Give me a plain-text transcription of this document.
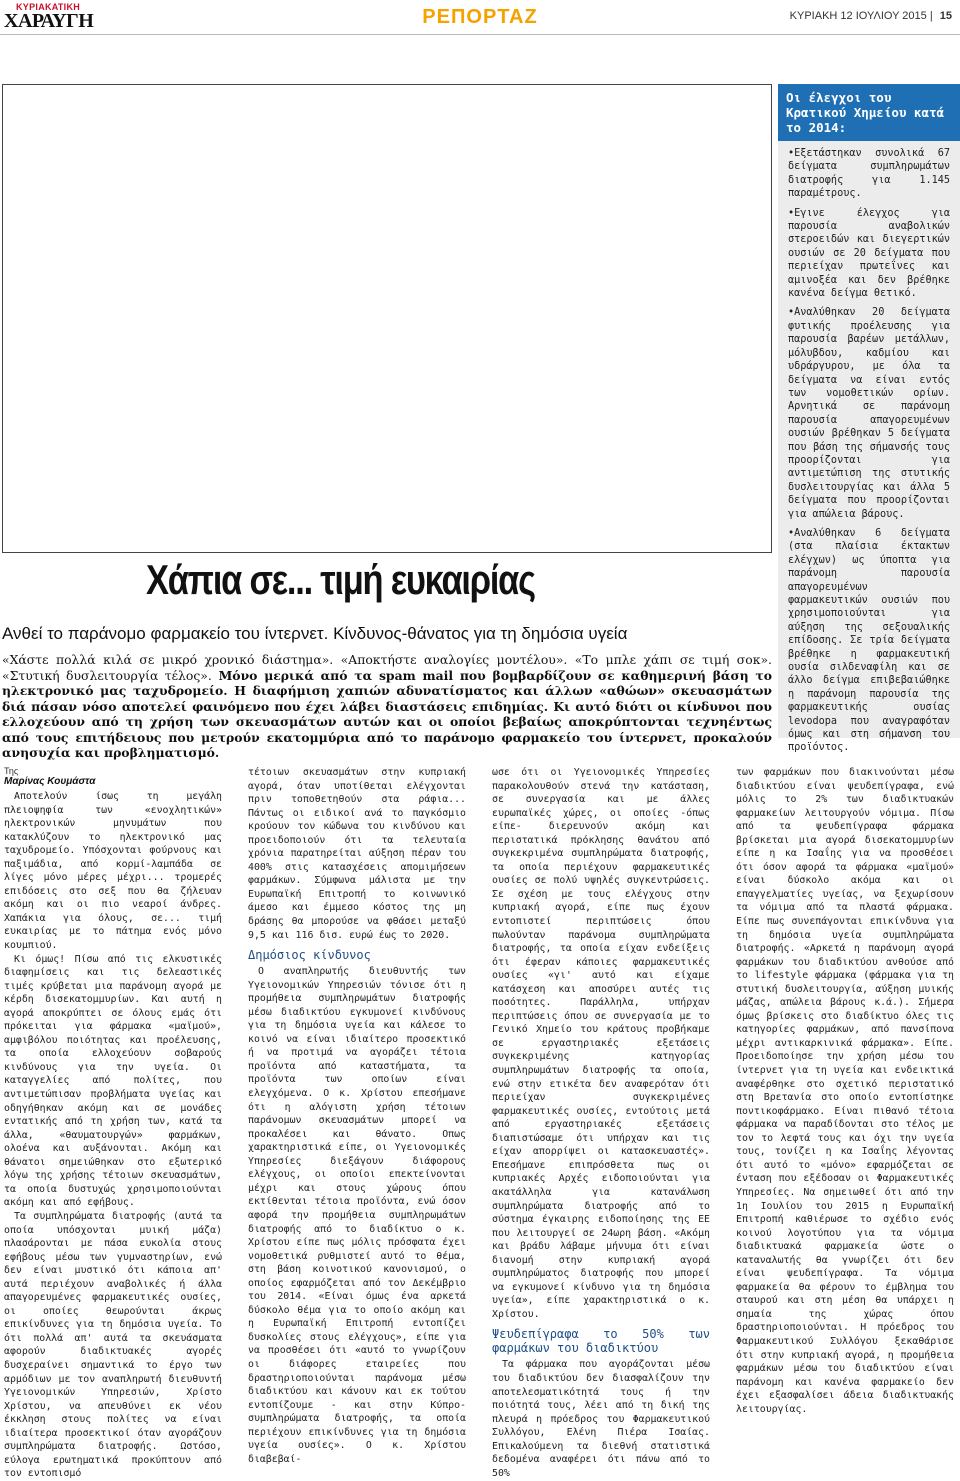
ΚΥΡΙΑΚΑΤΙΚΗ
ΧΑΡΑΥΓΗ	ΡΕΠΟΡΤΑΖ	ΚΥΡΙΑΚΗ 12 ΙΟΥΛΙΟΥ 2015 | 15
Χάπια σε... τιμή ευκαιρίας
Ανθεί το παράνομο φαρμακείο του ίντερνετ. Κίνδυνος-θάνατος για τη δημόσια υγεία
«Χάστε πολλά κιλά σε μικρό χρονικό διάστημα». «Αποκτήστε αναλογίες μοντέλου». «Το μπλε χάπι σε τιμή σοκ». «Στυτική δυσλειτουργία τέλος». Μόνο μερικά από τα spam mail που βομβαρδίζουν σε καθημερινή βάση το ηλεκτρονικό μας ταχυδρομείο. Η διαφήμιση χαπιών αδυνατίσματος και άλλων «αθώων» σκευασμάτων διά πάσαν νόσο αποτελεί φαινόμενο που έχει λάβει διαστάσεις επιδημίας. Κι αυτό διότι οι κίνδυνοι που ελλοχεύουν από τη χρήση των σκευασμάτων αυτών και οι οποίοι βεβαίως αποκρύπτονται τεχνηέντως από τους επιτήδειους που μετρούν εκατομμύρια από το παράνομο φαρμακείο του ίντερνετ, προκαλούν ανησυχία και προβληματισμό.
Οι έλεγχοι του Κρατικού Χημείου κατά το 2014:

•Εξετάστηκαν συνολικά 67 δείγματα συμπληρωμάτων διατροφής για 1.145 παραμέτρους.

•Εγινε έλεγχος για παρουσία αναβολικών στεροειδών και διεγερτικών ουσιών σε 20 δείγματα που περιείχαν πρωτεΐνες και αμινοξέα και δεν βρέθηκε κανένα δείγμα θετικό.

•Αναλύθηκαν 20 δείγματα φυτικής προέλευσης για παρουσία βαρέων μετάλλων, μόλυβδου, καδμίου και υδράργυρου, με όλα τα δείγματα να είναι εντός των νομοθετικών ορίων. Αρνητικά σε παράνομη παρουσία απαγορευμένων ουσιών βρέθηκαν 5 δείγματα που βάση της σήμανσής τους προορίζονται για αντιμετώπιση της στυτικής δυσλειτουργίας και άλλα 5 δείγματα που προορίζονται για απώλεια βάρους.

•Αναλύθηκαν 6 δείγματα (στα πλαίσια έκτακτων ελέγχων) ως ύποπτα για παράνομη παρουσία απαγορευμένων φαρμακευτικών ουσιών που χρησιμοποιούνται για αύξηση της σεξουαλικής επίδοσης. Σε τρία δείγματα βρέθηκε η φαρμακευτική ουσία σιλδεναφίλη και σε άλλο δείγμα επιβεβαιώθηκε η παράνομη παρουσία της φαρμακευτικής ουσίας levodopa που αναγραφόταν όμως και στη σήμανση του προϊόντος.

Της
Μαρίνας Κουμάστα

Αποτελούν ίσως τη μεγάλη πλειοψηφία των «ενοχλητικών» ηλεκτρονικών μηνυμάτων που κατακλύζουν το ηλεκτρονικό μας ταχυδρομείο. Υπόσχονται φούρνους και παξιμάδια, από κορμί-λαμπάδα σε λίγες μόνο μέρες μέχρι... τρομερές επιδόσεις στο σεξ που θα ζήλευαν ακόμη και οι πιο νεαροί άνδρες. Χαπάκια για όλους, σε... τιμή ευκαιρίας με το πάτημα ενός μόνο κουμπιού.

Κι όμως! Πίσω από τις ελκυστικές διαφημίσεις και τις δελεαστικές τιμές κρύβεται μια παράνομη αγορά με κέρδη δισεκατομμυρίων. Και αυτή η αγορά αποκρύπτει σε όλους εμάς ότι πρόκειται για φάρμακα «μαϊμού», αμφιβόλου ποιότητας και προέλευσης, τα οποία ελλοχεύουν σοβαρούς κινδύνους για την υγεία. Οι καταγγελίες από πολίτες, που αντιμετώπισαν προβλήματα υγείας και οδηγήθηκαν ακόμη και σε μονάδες εντατικής από τη χρήση των, κατά τα άλλα, «θαυματουργών» φαρμάκων, ολοένα και αυξάνονται. Ακόμη και θάνατοι σημειώθηκαν στο εξωτερικό λόγω της χρήσης τέτοιων σκευασμάτων, τα οποία δυστυχώς χρησιμοποιούνται ακόμη και από εφήβους.

Τα συμπληρώματα διατροφής (αυτά τα οποία υπόσχονται μυική μάζα) πλασάρονται με πάσα ευκολία στους εφήβους μέσω των γυμναστηρίων, ενώ δεν είναι μυστικό ότι κάποια απ' αυτά περιέχουν αναβολικές ή άλλα απαγορευμένες φαρμακευτικές ουσίες, οι οποίες θεωρούνται άκρως επικίνδυνες για τη δημόσια υγεία. Το ότι πολλά απ' αυτά τα σκευάσματα αφορούν διαδικτυακές αγορές δυσχεραίνει σημαντικά το έργο των αρμόδιων με τον αναπληρωτή διευθυντή Υγειονομικών Υπηρεσιών, Χρίστο Χρίστου, να απευθύνει εκ νέου έκκληση στους πολίτες να είναι ιδιαίτερα προσεκτικοί όταν αγοράζουν συμπληρώματα διατροφής. Ωστόσο, εύλογα ερωτηματικά προκύπτουν από τον εντοπισμό

τέτοιων σκευασμάτων στην κυπριακή αγορά, όταν υποτίθεται ελέγχονται πριν τοποθετηθούν στα ράφια... Πάντως οι ειδικοί ανά το παγκόσμιο κρούουν τον κώδωνα του κινδύνου και προειδοποιούν ότι τα τελευταία χρόνια παρατηρείται αύξηση πέραν του 400% στις κατασχέσεις απομιμήσεων φαρμάκων. Σύμφωνα μάλιστα με την Ευρωπαϊκή Επιτροπή το κοινωνικό άμεσο και έμμεσο κόστος της μη δράσης θα μπορούσε να φθάσει μεταξύ 9,5 και 116 δισ. ευρώ έως το 2020.

Δημόσιος κίνδυνος

Ο αναπληρωτής διευθυντής των Υγειονομικών Υπηρεσιών τόνισε ότι η προμήθεια συμπληρωμάτων διατροφής μέσω διαδικτύου εγκυμονεί κινδύνους για τη δημόσια υγεία και κάλεσε το κοινό να είναι ιδιαίτερο προσεκτικό ή να προτιμά να αγοράζει τέτοια προϊόντα από καταστήματα, τα προϊόντα των οποίων είναι ελεγχόμενα. Ο κ. Χρίστου επεσήμανε ότι η αλόγιστη χρήση τέτοιων παράνομων σκευασμάτων μπορεί να προκαλέσει και θάνατο. Οπως χαρακτηριστικά είπε, οι Υγειονομικές Υπηρεσίες διεξάγουν διάφορους ελέγχους, οι οποίοι επεκτείνονται μέχρι και στους χώρους όπου εκτίθενται τέτοια προϊόντα, ενώ όσον αφορά την προμήθεια συμπληρωμάτων διατροφής από το διαδίκτυο ο κ. Χρίστου είπε πως μόλις πρόσφατα έχει νομοθετικά ρυθμιστεί αυτό το θέμα, στη βάση κοινοτικού κανονισμού, ο οποίος εφαρμόζεται από τον Δεκέμβριο του 2014. «Είναι όμως ένα αρκετά δύσκολο θέμα για το οποίο ακόμη και η Ευρωπαϊκή Επιτροπή εντοπίζει δυσκολίες στους ελέγχους», είπε για να προσθέσει ότι «αυτό το γνωρίζουν οι διάφορες εταιρείες που δραστηριοποιούνται παράνομα μέσω διαδικτύου και κάνουν και εκ τούτου εντοπίζουμε - και στην Κύπρο- συμπληρώματα διατροφής, τα οποία περιέχουν επικίνδυνες για τη δημόσια υγεία ουσίες». Ο κ. Χρίστου διαβεβαί-

ωσε ότι οι Υγειονομικές Υπηρεσίες παρακολουθούν στενά την κατάσταση, σε συνεργασία και με άλλες ευρωπαϊκές χώρες, οι οποίες -όπως είπε- διερευνούν ακόμη και περιστατικά πρόκλησης θανάτου από συγκεκριμένα συμπληρώματα διατροφής, τα οποία περιέχουν φαρμακευτικές ουσίες σε πολύ υψηλές συγκεντρώσεις. Σε σχέση με τους ελέγχους στην κυπριακή αγορά, είπε πως έχουν εντοπιστεί περιπτώσεις όπου πωλούνταν παράνομα συμπληρώματα διατροφής, τα οποία είχαν ενδείξεις ότι έφεραν κάποιες φαρμακευτικές ουσίες «γι' αυτό και είχαμε κατάσχεση και αποσύρει αυτές τις ποσότητες. Παράλληλα, υπήρχαν περιπτώσεις όπου σε συνεργασία με το Γενικό Χημείο του κράτους προβήκαμε σε εργαστηριακές εξετάσεις συγκεκριμένης κατηγορίας συμπληρωμάτων διατροφής τα οποία, ενώ στην ετικέτα δεν αναφερόταν ότι περιείχαν συγκεκριμένες φαρμακευτικές ουσίες, εντούτοις μετά από εργαστηριακές εξετάσεις διαπιστώσαμε ότι υπήρχαν και τις είχαν απορρίψει οι κατασκευαστές». Επεσήμανε επιπρόσθετα πως οι κυπριακές Αρχές ειδοποιούνται για ακατάλληλα για κατανάλωση συμπληρώματα διατροφής από το σύστημα έγκαιρης ειδοποίησης της ΕΕ που λειτουργεί σε 24ωρη βάση. «Ακόμη και βράδυ λάβαμε μήνυμα ότι είναι διανομή στην κυπριακή αγορά συμπληρώματος διατροφής που μπορεί να εγκυμονεί κίνδυνο για τη δημόσια υγεία», είπε χαρακτηριστικά ο κ. Χρίστου.

Ψευδεπίγραφα το 50% των φαρμάκων του διαδικτύου

Τα φάρμακα που αγοράζονται μέσω του διαδικτύου δεν διασφαλίζουν την αποτελεσματικότητά τους ή την ποιότητά τους, λέει από τη δική της πλευρά η πρόεδρος του Φαρμακευτικού Συλλόγου, Ελένη Πιέρα Ισαίας. Επικαλούμενη τα διεθνή στατιστικά δεδομένα αναφέρει ότι πάνω από το 50%

των φαρμάκων που διακινούνται μέσω διαδικτύου είναι ψευδεπίγραφα, ενώ μόλις το 2% των διαδικτυακών φαρμακείων λειτουργούν νόμιμα. Πίσω από τα ψευδεπίγραφα φάρμακα βρίσκεται μια αγορά δισεκατομμυρίων είπε η κα Ισαΐης για να προσθέσει ότι όσον αφορά τα φάρμακα «μαϊμού» είναι δύσκολο ακόμα και οι επαγγελματίες υγείας, να ξεχωρίσουν τα νόμιμα από τα πλαστά φάρμακα. Είπε πως συνεπάγονται επικίνδυνα για τη δημόσια υγεία συμπληρώματα διατροφής. «Αρκετά η παράνομη αγορά φαρμάκων του διαδικτύου ανθούσε από το lifestyle φάρμακα (φάρμακα για τη στυτική δυσλειτουργία, αύξηση μυικής μάζας, απώλεια βάρους κ.ά.). Σήμερα όμως βρίσκεις στο διαδίκτυο όλες τις κατηγορίες φαρμάκων, από πανσίπονα μέχρι αντικαρκινικά φάρμακα». Είπε. Προειδοποίησε την χρήση μέσω του ίντερνετ για τη υγεία και ενδεικτικά αναφέρθηκε στο σχετικό περιστατικό στη Βρετανία στο οποίο εντοπίστηκε ποντικοφάρμακο. Είναι πιθανό τέτοια φάρμακα να παραδίδονται στο τέλος με τον το λεφτά τους και όχι την υγεία τους, τονίζει η κα Ισαΐης λέγοντας ότι αυτό το «μόνο» εφαρμόζεται σε ένταση που εξέδοσαν οι Φαρμακευτικές Υπηρεσίες. Να σημειωθεί ότι από την 1η Ιουλίου του 2015 η Ευρωπαϊκή Επιτροπή καθιέρωσε το σχέδιο ενός κοινού λογοτύπου για τα νόμιμα διαδικτυακά φαρμακεία ώστε ο καταναλωτής θα γνωρίζει ότι δεν είναι ψευδεπίγραφα. Τα νόμιμα φαρμακεία θα φέρουν το έμβλημα του σταυρού και στη μέση θα υπάρχει η σημαία της χώρας όπου δραστηριοποιούνται. Η πρόεδρος του Φαρμακευτικού Συλλόγου ξεκαθάρισε ότι στην κυπριακή αγορά, η προμήθεια φαρμάκων μέσω του διαδικτύου είναι παράνομη και κανένα φαρμακείο δεν έχει εξασφαλίσει άδεια διαδικτυακής λειτουργίας.
